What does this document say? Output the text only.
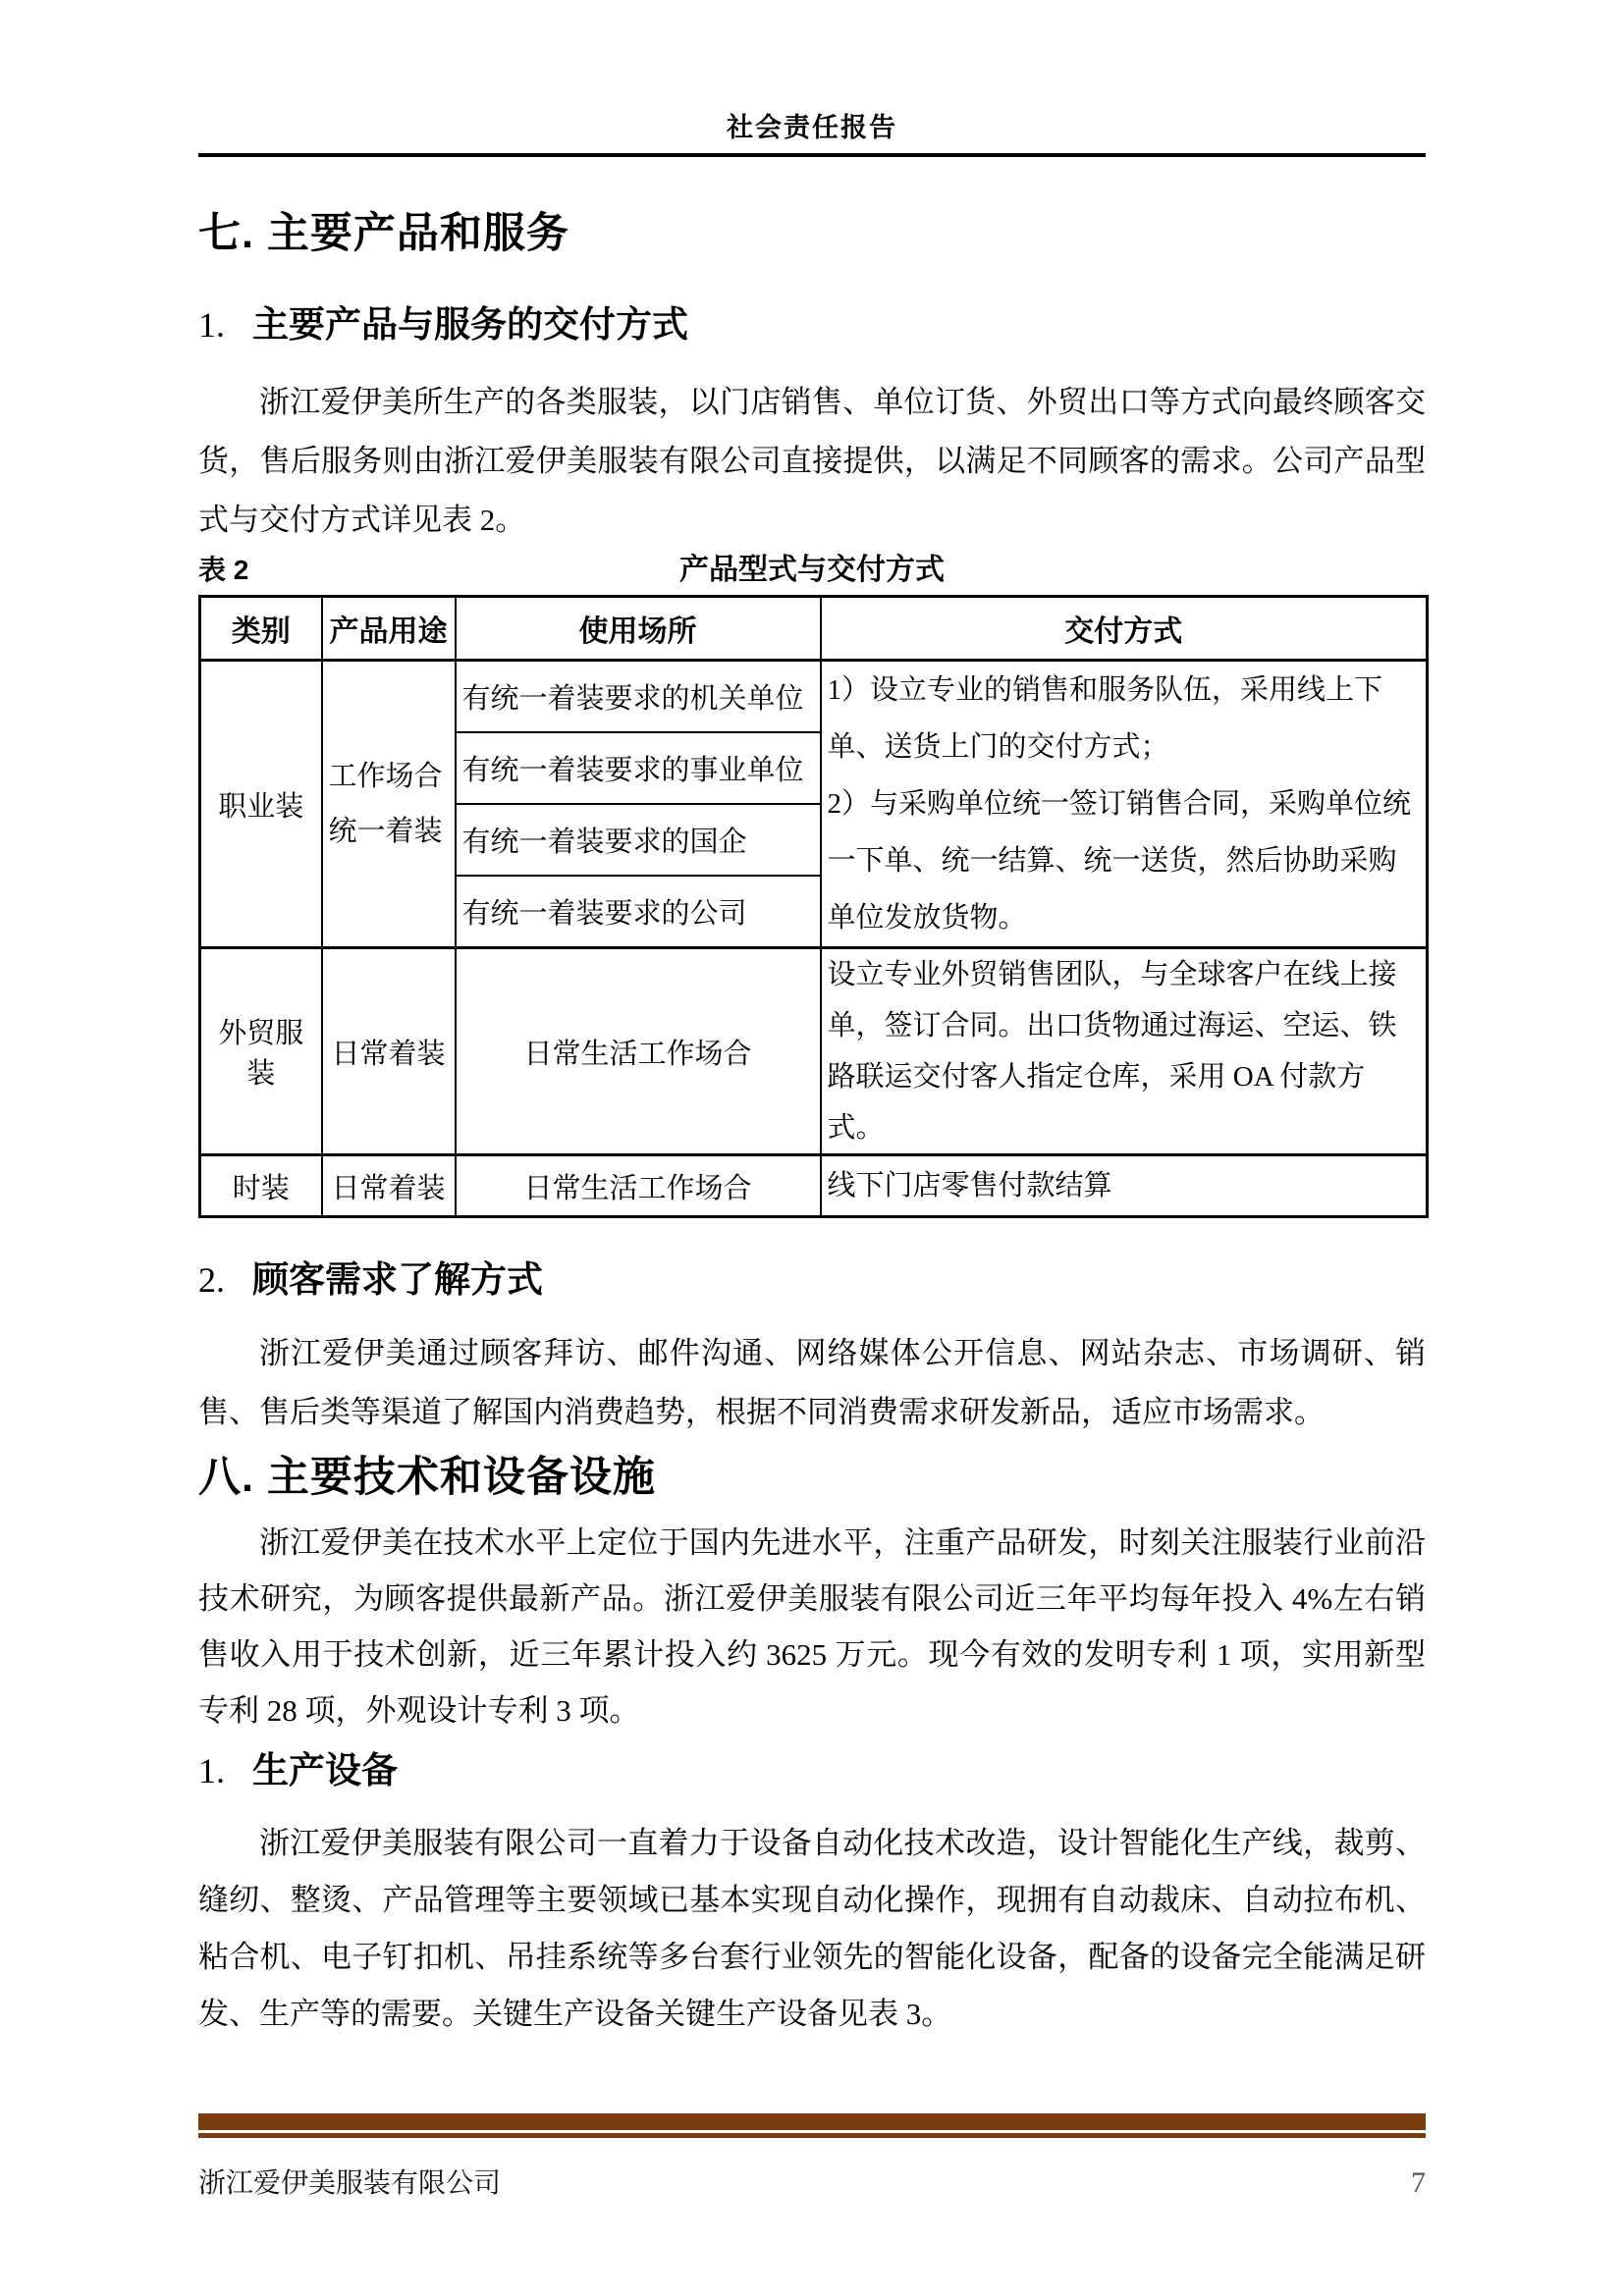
社会责任报告
七. 主要产品和服务
1. 主要产品与服务的交付方式

浙江爱伊美所生产的各类服装，以门店销售、单位订货、外贸出口等方式向最终顾客交货，售后服务则由浙江爱伊美服装有限公司直接提供，以满足不同顾客的需求。公司产品型式与交付方式详见表 2。

表 2	产品型式与交付方式
类别	产品用途	使用场所	交付方式
职业装	工作场合统一着装	有统一着装要求的机关单位	1）设立专业的销售和服务队伍，采用线上下单、送货上门的交付方式；
2）与采购单位统一签订销售合同，采购单位统一下单、统一结算、统一送货，然后协助采购单位发放货物。

		有统一着装要求的事业单位	
		有统一着装要求的国企	
		有统一着装要求的公司	
外贸服装	日常着装	日常生活工作场合	设立专业外贸销售团队，与全球客户在线上接单，签订合同。出口货物通过海运、空运、铁路联运交付客人指定仓库，采用 OA 付款方式。
时装	日常着装	日常生活工作场合	线下门店零售付款结算
2. 顾客需求了解方式

浙江爱伊美通过顾客拜访、邮件沟通、网络媒体公开信息、网站杂志、市场调研、销售、售后类等渠道了解国内消费趋势，根据不同消费需求研发新品，适应市场需求。

八. 主要技术和设备设施

浙江爱伊美在技术水平上定位于国内先进水平，注重产品研发，时刻关注服装行业前沿技术研究，为顾客提供最新产品。浙江爱伊美服装有限公司近三年平均每年投入 4%左右销售收入用于技术创新，近三年累计投入约 3625 万元。现今有效的发明专利 1 项，实用新型专利 28 项，外观设计专利 3 项。

1. 生产设备

浙江爱伊美服装有限公司一直着力于设备自动化技术改造，设计智能化生产线，裁剪、缝纫、整烫、产品管理等主要领域已基本实现自动化操作，现拥有自动裁床、自动拉布机、粘合机、电子钉扣机、吊挂系统等多台套行业领先的智能化设备，配备的设备完全能满足研发、生产等的需要。关键生产设备关键生产设备见表 3。

浙江爱伊美服装有限公司	7
